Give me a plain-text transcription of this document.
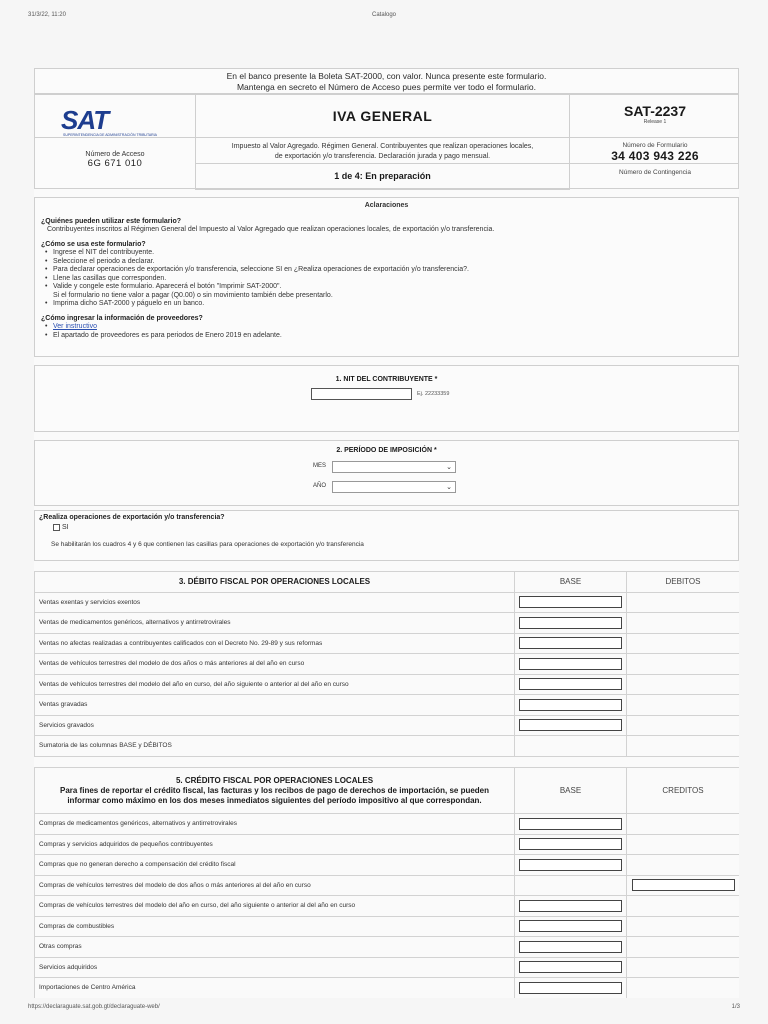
31/3/22, 11:20	Catalogo
En el banco presente la Boleta SAT-2000, con valor. Nunca presente este formulario.
Mantenga en secreto el Número de Acceso pues permite ver todo el formulario.
SAT
SUPERINTENDENCIA DE ADMINISTRACIÓN TRIBUTARIA
IVA GENERAL	SAT-2237
Release 1
Número de Acceso
6G 671 010
Impuesto al Valor Agregado. Régimen General. Contribuyentes que realizan operaciones locales,
de exportación y/o transferencia. Declaración jurada y pago mensual.
1 de 4: En preparación
Número de Formulario
34 403 943 226
Número de Contingencia
Aclaraciones
¿Quiénes pueden utilizar este formulario?
Contribuyentes inscritos al Régimen General del Impuesto al Valor Agregado que realizan operaciones locales, de exportación y/o transferencia.
¿Cómo se usa este formulario?
• Ingrese el NIT del contribuyente.
• Seleccione el periodo a declarar.
• Para declarar operaciones de exportación y/o transferencia, seleccione SI en ¿Realiza operaciones de exportación y/o transferencia?.
• Llene las casillas que corresponden.
• Valide y congele este formulario. Aparecerá el botón "Imprimir SAT-2000".
Si el formulario no tiene valor a pagar (Q0.00) o sin movimiento también debe presentarlo.
• Imprima dicho SAT-2000 y páguelo en un banco.
¿Cómo ingresar la información de proveedores?
• Ver instructivo
• El apartado de proveedores es para periodos de Enero 2019 en adelante.
1. NIT DEL CONTRIBUYENTE *
Ej. 22233359
2. PERÍODO DE IMPOSICIÓN *
MES	⌄
AÑO	⌄
¿Realiza operaciones de exportación y/o transferencia?
SI
Se habilitarán los cuadros 4 y 6 que contienen las casillas para operaciones de exportación y/o transferencia
3. DÉBITO FISCAL POR OPERACIONES LOCALES	BASE	DEBITOS
Ventas exentas y servicios exentos	

Ventas de medicamentos genéricos, alternativos y antirretrovirales	

Ventas no afectas realizadas a contribuyentes calificados con el Decreto No. 29-89 y sus reformas	

Ventas de vehículos terrestres del modelo de dos años o más anteriores al del año en curso	

Ventas de vehículos terrestres del modelo del año en curso, del año siguiente o anterior al del año en curso	

Ventas gravadas	

Servicios gravados	

Sumatoria de las columnas BASE y DÉBITOS		
5. CRÉDITO FISCAL POR OPERACIONES LOCALES
Para fines de reportar el crédito fiscal, las facturas y los recibos de pago de derechos de importación, se pueden informar como máximo en los dos meses inmediatos siguientes del período impositivo al que correspondan.	BASE	CREDITOS
Compras de medicamentos genéricos, alternativos y antirretrovirales	

Compras y servicios adquiridos de pequeños contribuyentes	

Compras que no generan derecho a compensación del crédito fiscal	

Compras de vehículos terrestres del modelo de dos años o más anteriores al del año en curso		

Compras de vehículos terrestres del modelo del año en curso, del año siguiente o anterior al del año en curso	

Compras de combustibles	

Otras compras	

Servicios adquiridos	

Importaciones de Centro América	

https://declaraguate.sat.gob.gt/declaraguate-web/	1/3
